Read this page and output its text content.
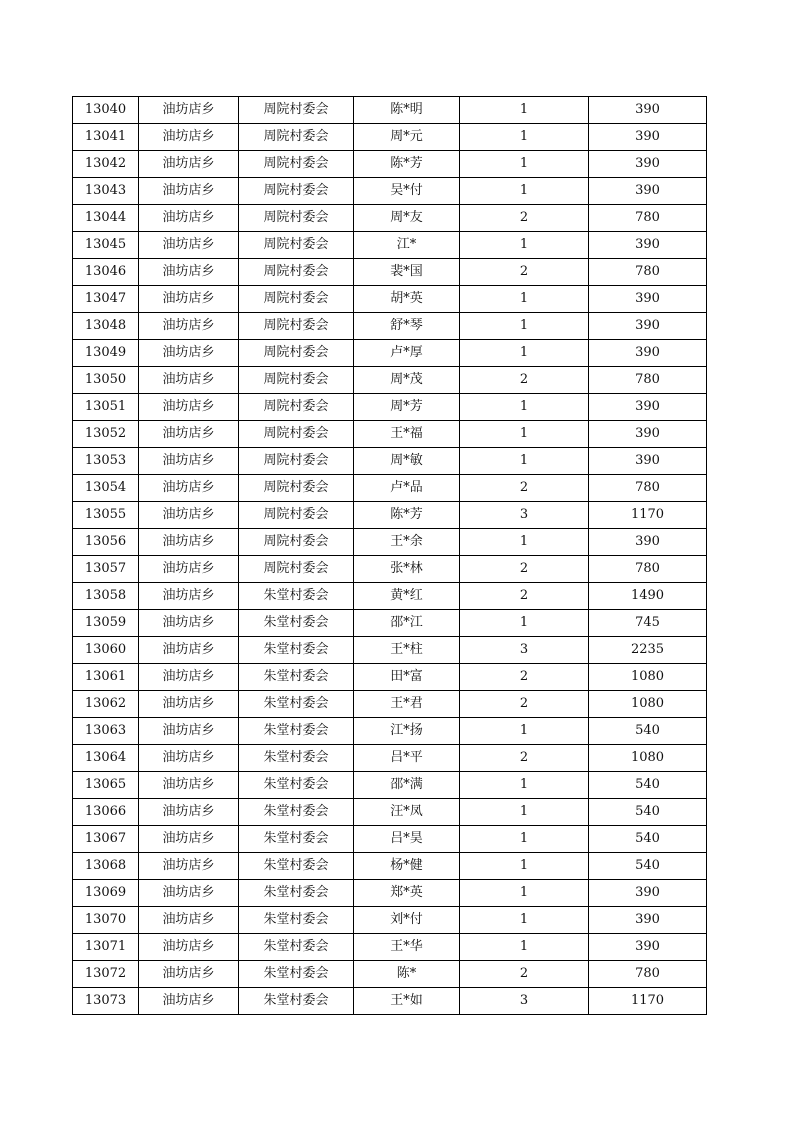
13040	油坊店乡	周院村委会	陈*明	1	390
13041	油坊店乡	周院村委会	周*元	1	390
13042	油坊店乡	周院村委会	陈*芳	1	390
13043	油坊店乡	周院村委会	吴*付	1	390
13044	油坊店乡	周院村委会	周*友	2	780
13045	油坊店乡	周院村委会	江*	1	390
13046	油坊店乡	周院村委会	裴*国	2	780
13047	油坊店乡	周院村委会	胡*英	1	390
13048	油坊店乡	周院村委会	舒*琴	1	390
13049	油坊店乡	周院村委会	卢*厚	1	390
13050	油坊店乡	周院村委会	周*茂	2	780
13051	油坊店乡	周院村委会	周*芳	1	390
13052	油坊店乡	周院村委会	王*福	1	390
13053	油坊店乡	周院村委会	周*敏	1	390
13054	油坊店乡	周院村委会	卢*品	2	780
13055	油坊店乡	周院村委会	陈*芳	3	1170
13056	油坊店乡	周院村委会	王*余	1	390
13057	油坊店乡	周院村委会	张*林	2	780
13058	油坊店乡	朱堂村委会	黄*红	2	1490
13059	油坊店乡	朱堂村委会	邵*江	1	745
13060	油坊店乡	朱堂村委会	王*柱	3	2235
13061	油坊店乡	朱堂村委会	田*富	2	1080
13062	油坊店乡	朱堂村委会	王*君	2	1080
13063	油坊店乡	朱堂村委会	江*扬	1	540
13064	油坊店乡	朱堂村委会	吕*平	2	1080
13065	油坊店乡	朱堂村委会	邵*满	1	540
13066	油坊店乡	朱堂村委会	汪*凤	1	540
13067	油坊店乡	朱堂村委会	吕*昊	1	540
13068	油坊店乡	朱堂村委会	杨*健	1	540
13069	油坊店乡	朱堂村委会	郑*英	1	390
13070	油坊店乡	朱堂村委会	刘*付	1	390
13071	油坊店乡	朱堂村委会	王*华	1	390
13072	油坊店乡	朱堂村委会	陈*	2	780
13073	油坊店乡	朱堂村委会	王*如	3	1170
